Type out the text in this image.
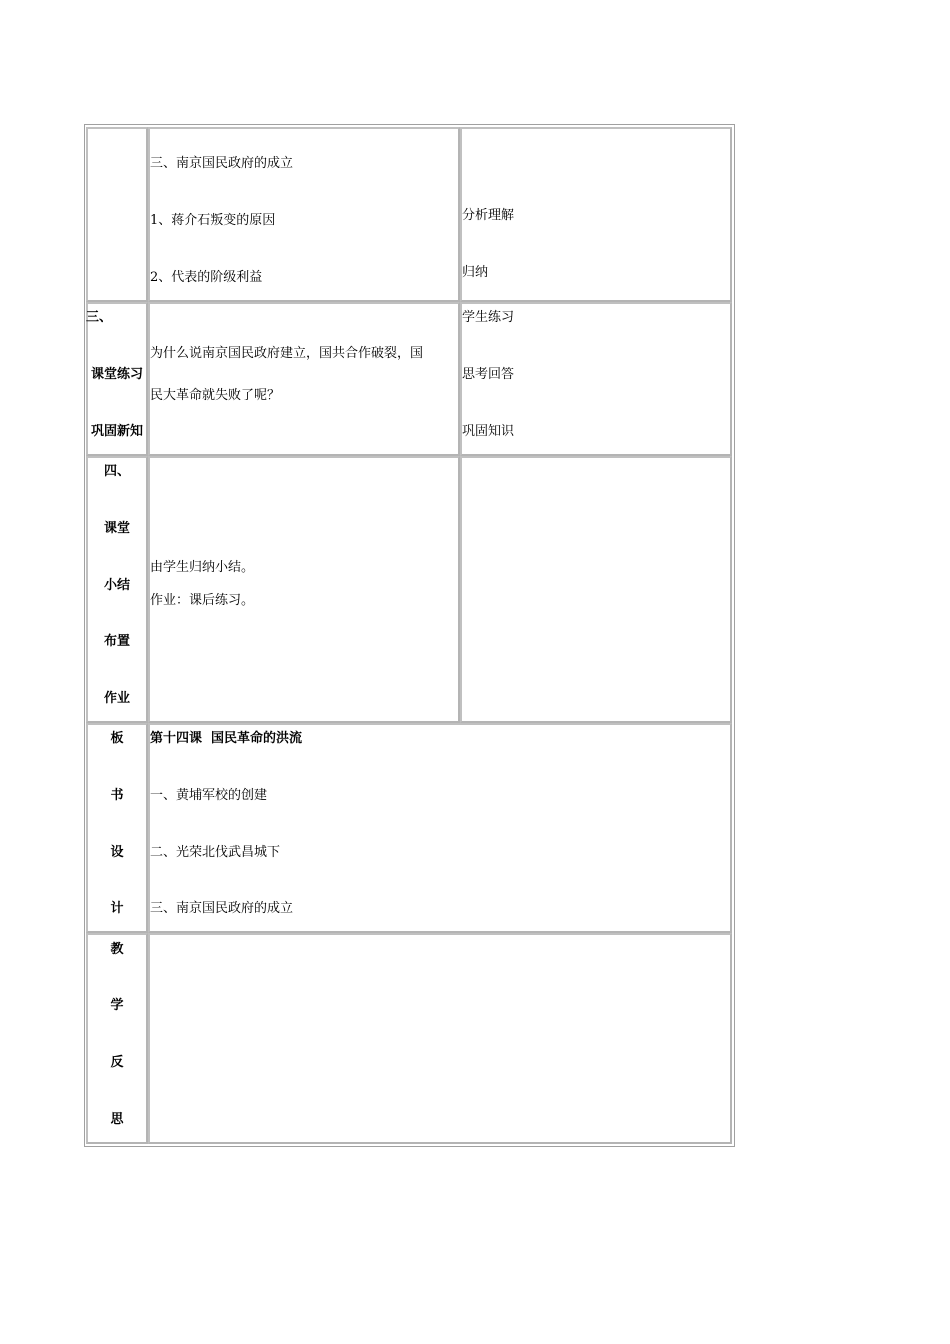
三、南京国民政府的成立
1、蒋介石叛变的原因
2、代表的阶级利益
分析理解
归纳
三、
课堂练习
巩固新知
为什么说南京国民政府建立，国共合作破裂，国
民大革命就失败了呢？
学生练习
思考回答
巩固知识
四、
课堂
小结
布置
作业
由学生归纳小结。
作业：课后练习。
板
书
设
计
第十四课  国民革命的洪流
一、黄埔军校的创建
二、光荣北伐武昌城下
三、南京国民政府的成立
教
学
反
思
